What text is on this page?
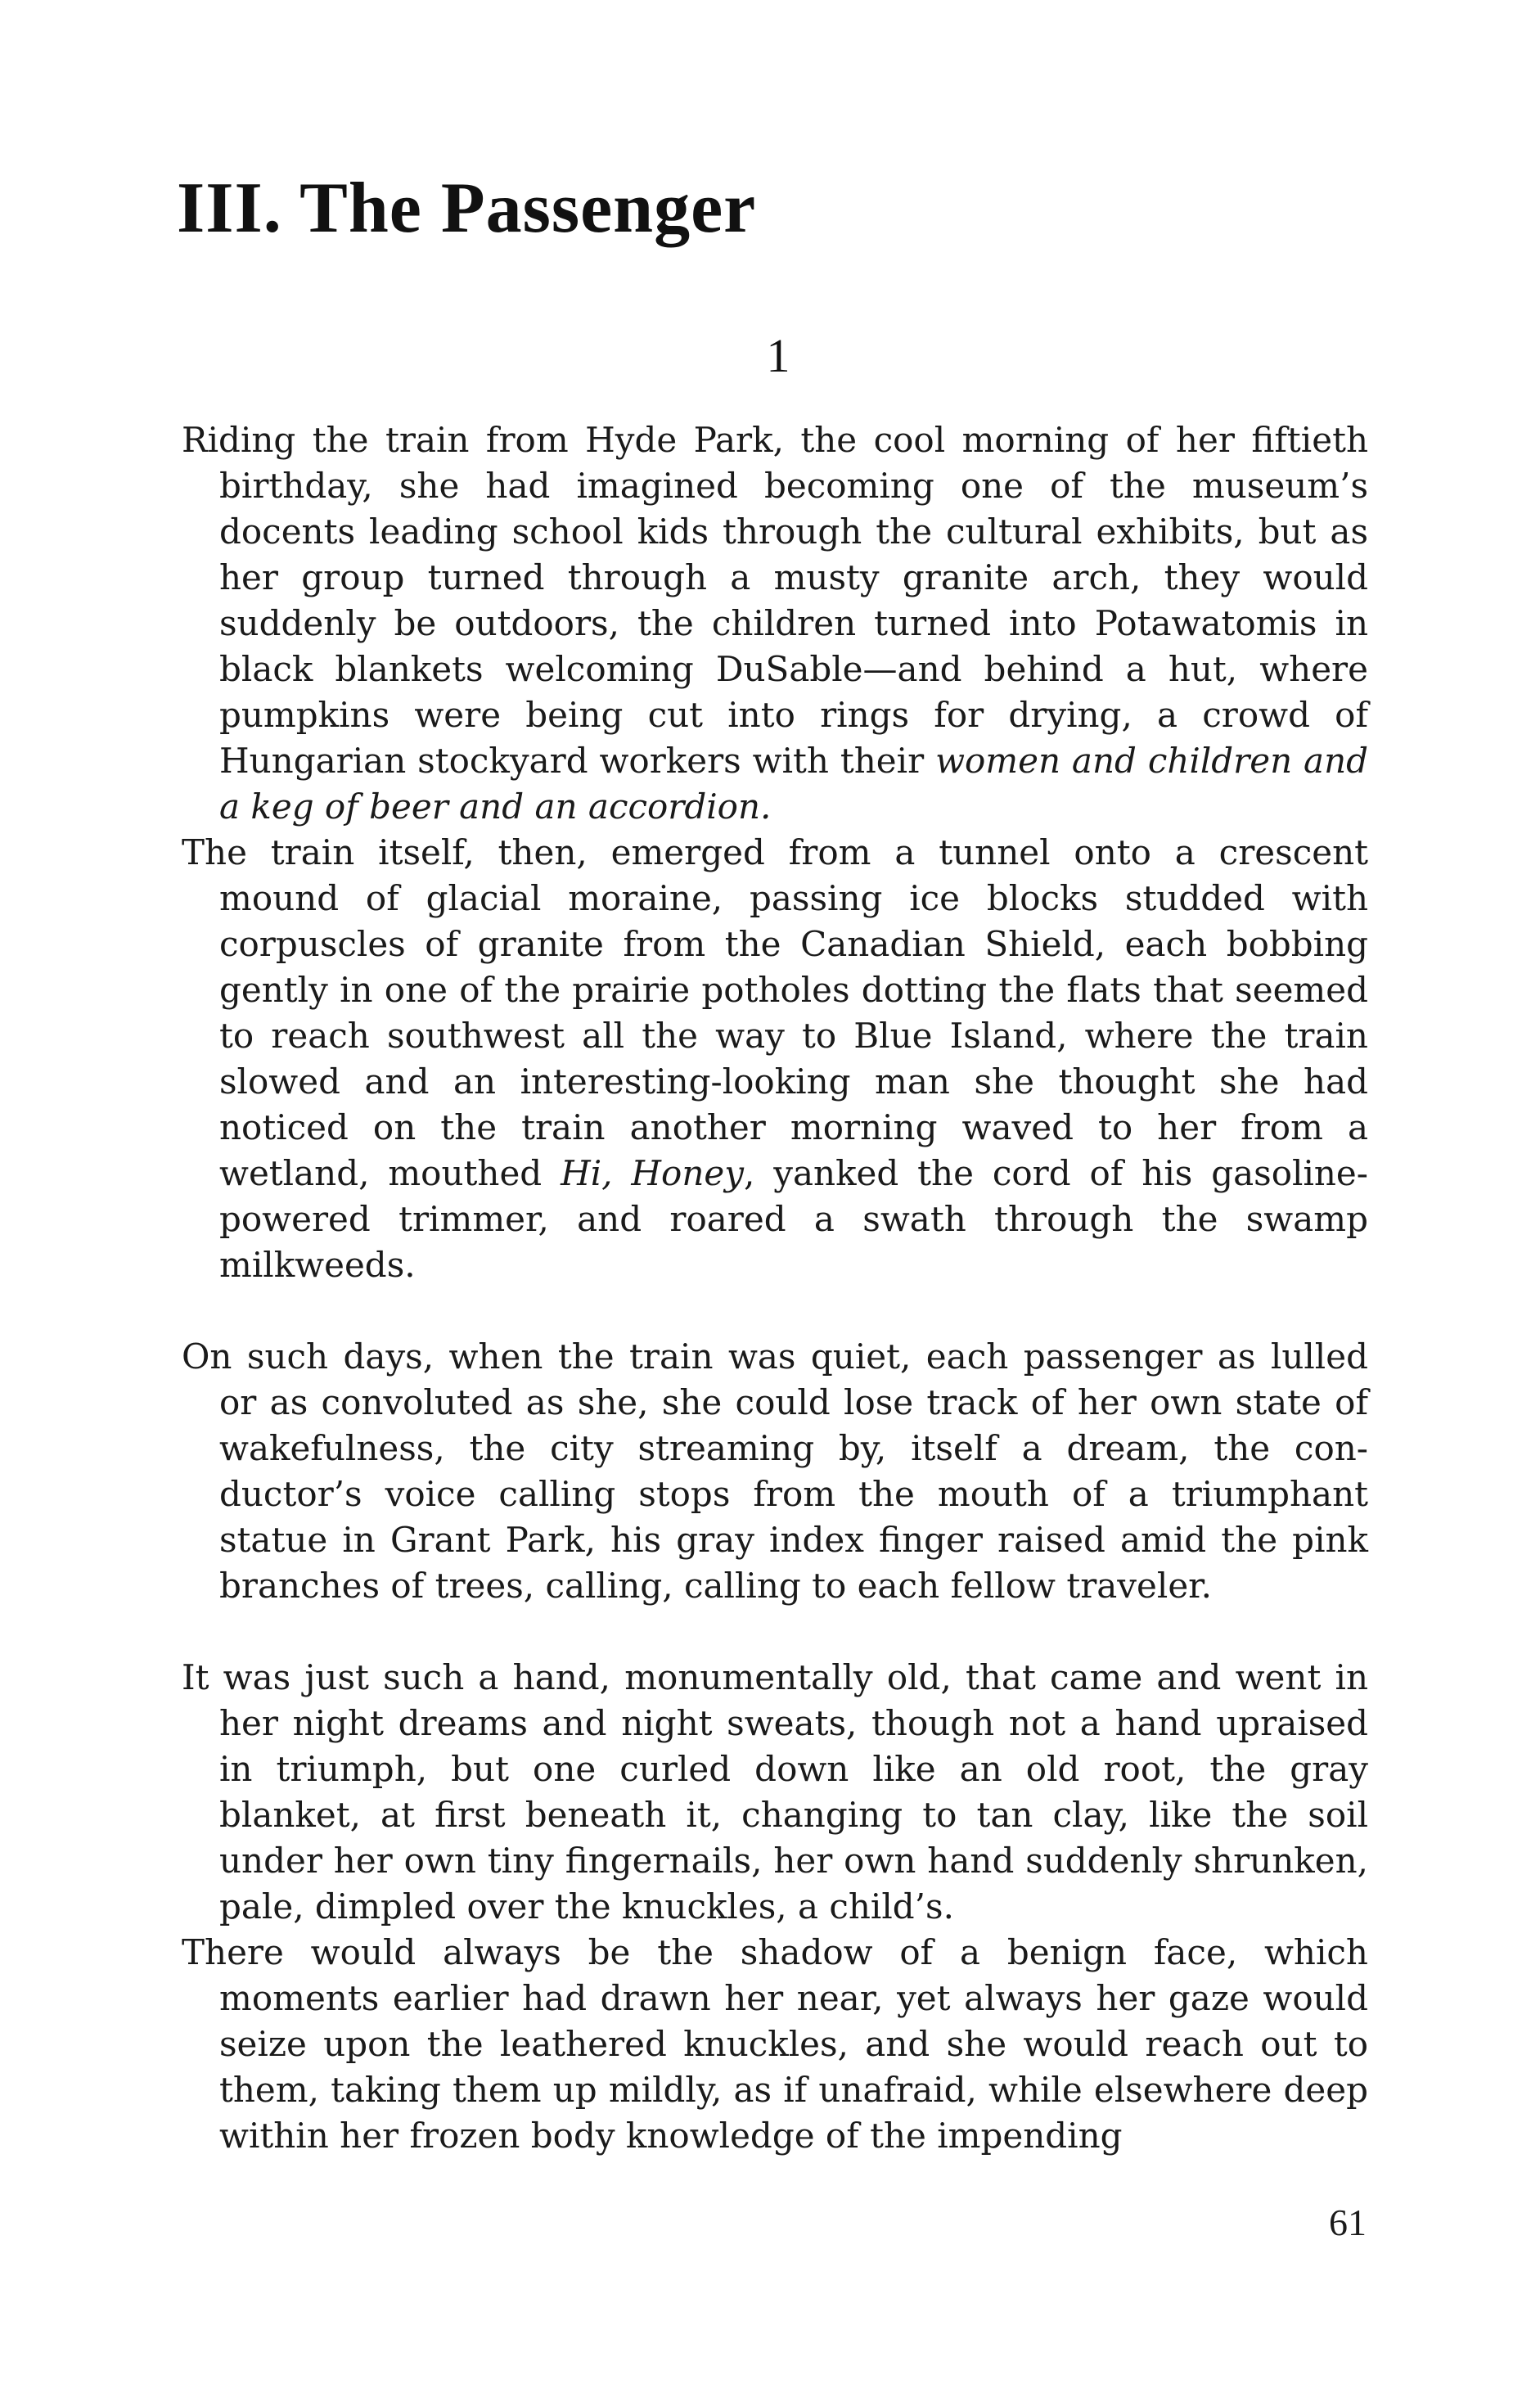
III. The Passenger
1

Riding the train from Hyde Park, the cool morning of her fiftieth birthday, she had imagined becoming one of the museum’s docents leading school kids through the cultural exhibits, but as her group turned through a musty granite arch, they would suddenly be outdoors, the children turned into Potawatomis in black blankets welcoming DuSable—and behind a hut, where pumpkins were being cut into rings for drying, a crowd of Hungarian stockyard workers with their women and children and a keg of beer and an accordion.

The train itself, then, emerged from a tunnel onto a crescent mound of glacial moraine, passing ice blocks studded with corpuscles of granite from the Canadian Shield, each bobbing gently in one of the prairie potholes dotting the flats that seemed to reach southwest all the way to Blue Island, where the train slowed and an interesting-looking man she thought she had noticed on the train another morning waved to her from a wetland, mouthed Hi, Honey, yanked the cord of his gasoline-powered trimmer, and roared a swath through the swamp milkweeds.

On such days, when the train was quiet, each passenger as lulled or as convoluted as she, she could lose track of her own state of wakefulness, the city streaming by, itself a dream, the conductor’s voice calling stops from the mouth of a triumphant statue in Grant Park, his gray index finger raised amid the pink branches of trees, calling, calling to each fellow traveler.

It was just such a hand, monumentally old, that came and went in her night dreams and night sweats, though not a hand upraised in triumph, but one curled down like an old root, the gray blanket, at first beneath it, changing to tan clay, like the soil under her own tiny fingernails, her own hand suddenly shrunken, pale, dimpled over the knuckles, a child’s.

There would always be the shadow of a benign face, which moments earlier had drawn her near, yet always her gaze would seize upon the leathered knuckles, and she would reach out to them, taking them up mildly, as if unafraid, while elsewhere deep within her frozen body knowledge of the impending

61
